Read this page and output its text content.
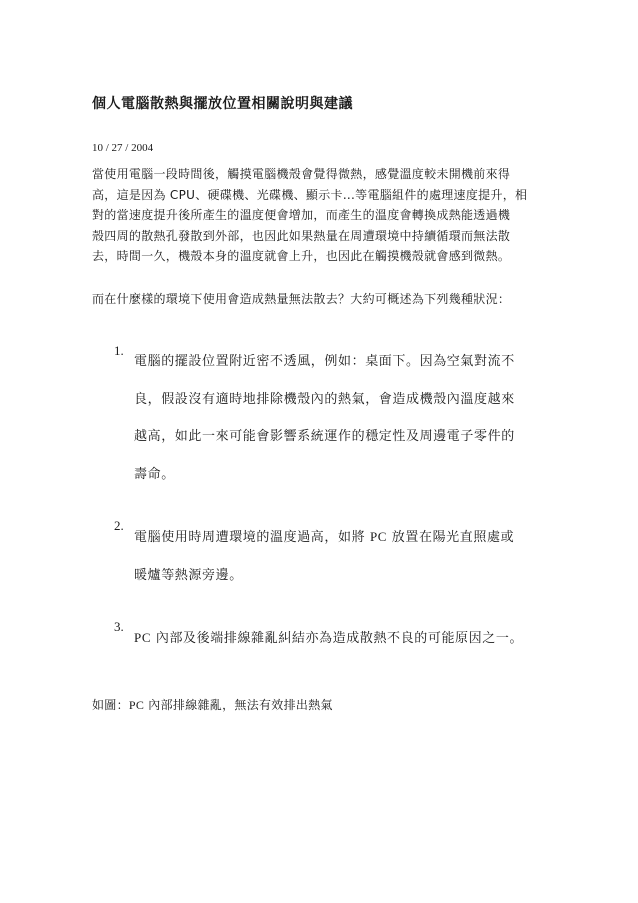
個人電腦散熱與擺放位置相關說明與建議
10 / 27 / 2004

當使用電腦一段時間後，觸摸電腦機殼會覺得微熱，感覺溫度較未開機前來得
高，這是因為 CPU、硬碟機、光碟機、顯示卡...等電腦組件的處理速度提升，相
對的當速度提升後所產生的溫度便會增加，而產生的溫度會轉換成熱能透過機
殼四周的散熱孔發散到外部，也因此如果熱量在周遭環境中持續循環而無法散
去，時間一久，機殼本身的溫度就會上升，也因此在觸摸機殼就會感到微熱。

而在什麼樣的環境下使用會造成熱量無法散去？大約可概述為下列幾種狀況：
1.
電腦的擺設位置附近密不透風，例如：桌面下。因為空氣對流不
良，假設沒有適時地排除機殼內的熱氣，會造成機殼內溫度越來
越高，如此一來可能會影響系統運作的穩定性及周邊電子零件的
壽命。
2.
電腦使用時周遭環境的溫度過高，如將 PC 放置在陽光直照處或
暖爐等熱源旁邊。
3.
PC 內部及後端排線雜亂糾結亦為造成散熱不良的可能原因之一。
如圖：PC 內部排線雜亂，無法有效排出熱氣
